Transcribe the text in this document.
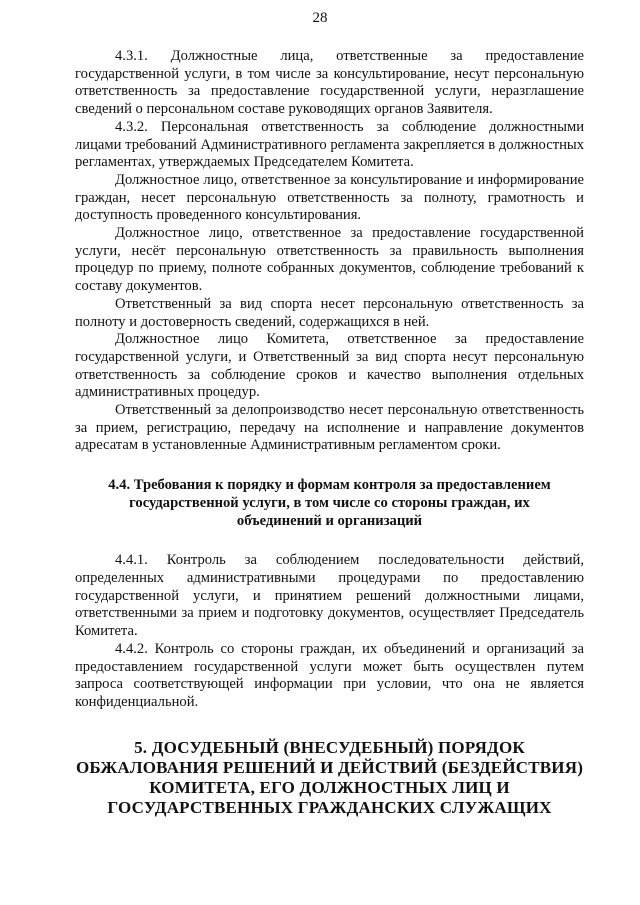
28

4.3.1. Должностные лица, ответственные за предоставление государственной услуги, в том числе за консультирование, несут персональную ответственность за предоставление государственной услуги, неразглашение сведений о персональном составе руководящих органов Заявителя.

4.3.2. Персональная ответственность за соблюдение должностными лицами требований Административного регламента закрепляется в должностных регламентах, утверждаемых Председателем Комитета.

Должностное лицо, ответственное за консультирование и информирование граждан, несет персональную ответственность за полноту, грамотность и доступность проведенного консультирования.

Должностное лицо, ответственное за предоставление государственной услуги, несёт персональную ответственность за правильность выполнения процедур по приему, полноте собранных документов, соблюдение требований к составу документов.

Ответственный за вид спорта несет персональную ответственность за полноту и достоверность сведений, содержащихся в ней.

Должностное лицо Комитета, ответственное за предоставление государственной услуги, и Ответственный за вид спорта несут персональную ответственность за соблюдение сроков и качество выполнения отдельных административных процедур.

Ответственный за делопроизводство несет персональную ответственность за прием, регистрацию, передачу на исполнение и направление документов адресатам в установленные Административным регламентом сроки.

4.4. Требования к порядку и формам контроля за предоставлением государственной услуги, в том числе со стороны граждан, их объединений и организаций

4.4.1. Контроль за соблюдением последовательности действий, определенных административными процедурами по предоставлению государственной услуги, и принятием решений должностными лицами, ответственными за прием и подготовку документов, осуществляет Председатель Комитета.

4.4.2. Контроль со стороны граждан, их объединений и организаций за предоставлением государственной услуги может быть осуществлен путем запроса соответствующей информации при условии, что она не является конфиденциальной.

5. ДОСУДЕБНЫЙ (ВНЕСУДЕБНЫЙ) ПОРЯДОК ОБЖАЛОВАНИЯ РЕШЕНИЙ И ДЕЙСТВИЙ (БЕЗДЕЙСТВИЯ) КОМИТЕТА, ЕГО ДОЛЖНОСТНЫХ ЛИЦ И ГОСУДАРСТВЕННЫХ ГРАЖДАНСКИХ СЛУЖАЩИХ
